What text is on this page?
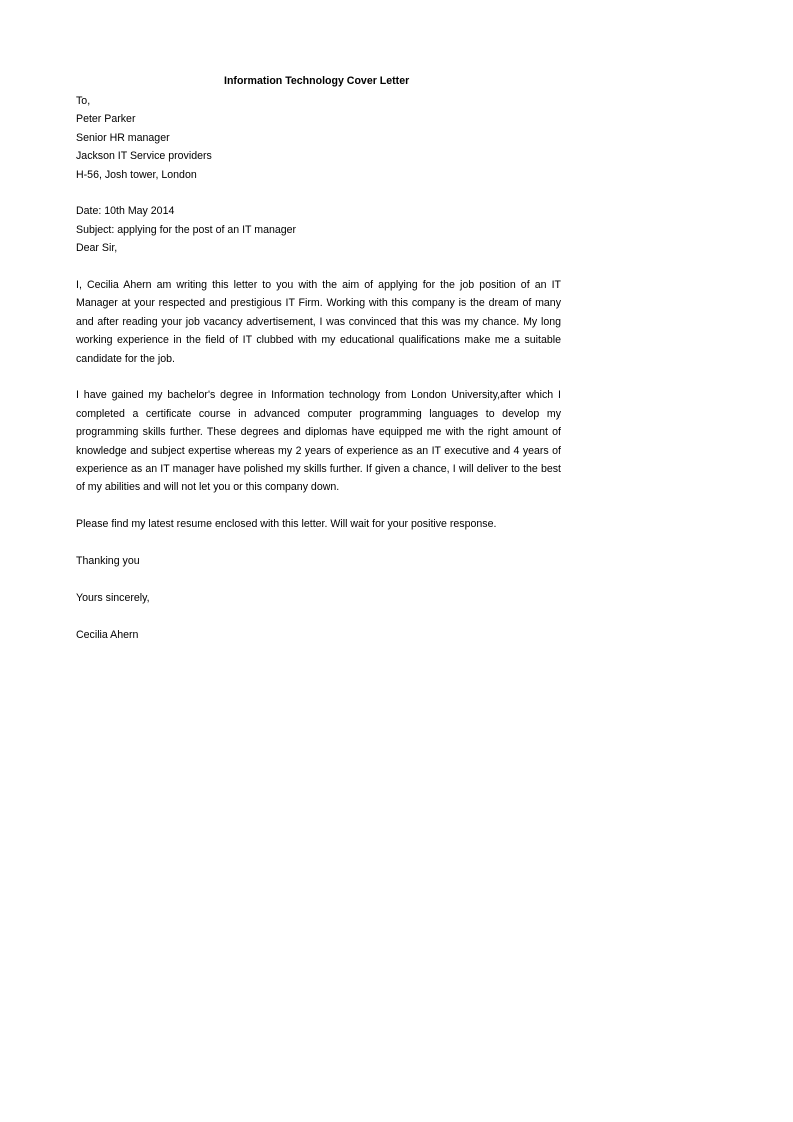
Information Technology Cover Letter

To,

Peter Parker

Senior HR manager

Jackson IT Service providers

H-56, Josh tower, London

Date: 10th May 2014

Subject: applying for the post of an IT manager

Dear Sir,

I, Cecilia Ahern am writing this letter to you with the aim of applying for the job position of an IT Manager at your respected and prestigious IT Firm. Working with this company is the dream of many and after reading your job vacancy advertisement, I was convinced that this was my chance. My long working experience in the field of IT clubbed with my educational qualifications make me a suitable candidate for the job.

I have gained my bachelor's degree in Information technology from London University,after which I completed a certificate course in advanced computer programming languages to develop my programming skills further. These degrees and diplomas have equipped me with the right amount of knowledge and subject expertise whereas my 2 years of experience as an IT executive and 4 years of experience as an IT manager have polished my skills further. If given a chance, I will deliver to the best of my abilities and will not let you or this company down.

Please find my latest resume enclosed with this letter. Will wait for your positive response.

Thanking you

Yours sincerely,

Cecilia Ahern
